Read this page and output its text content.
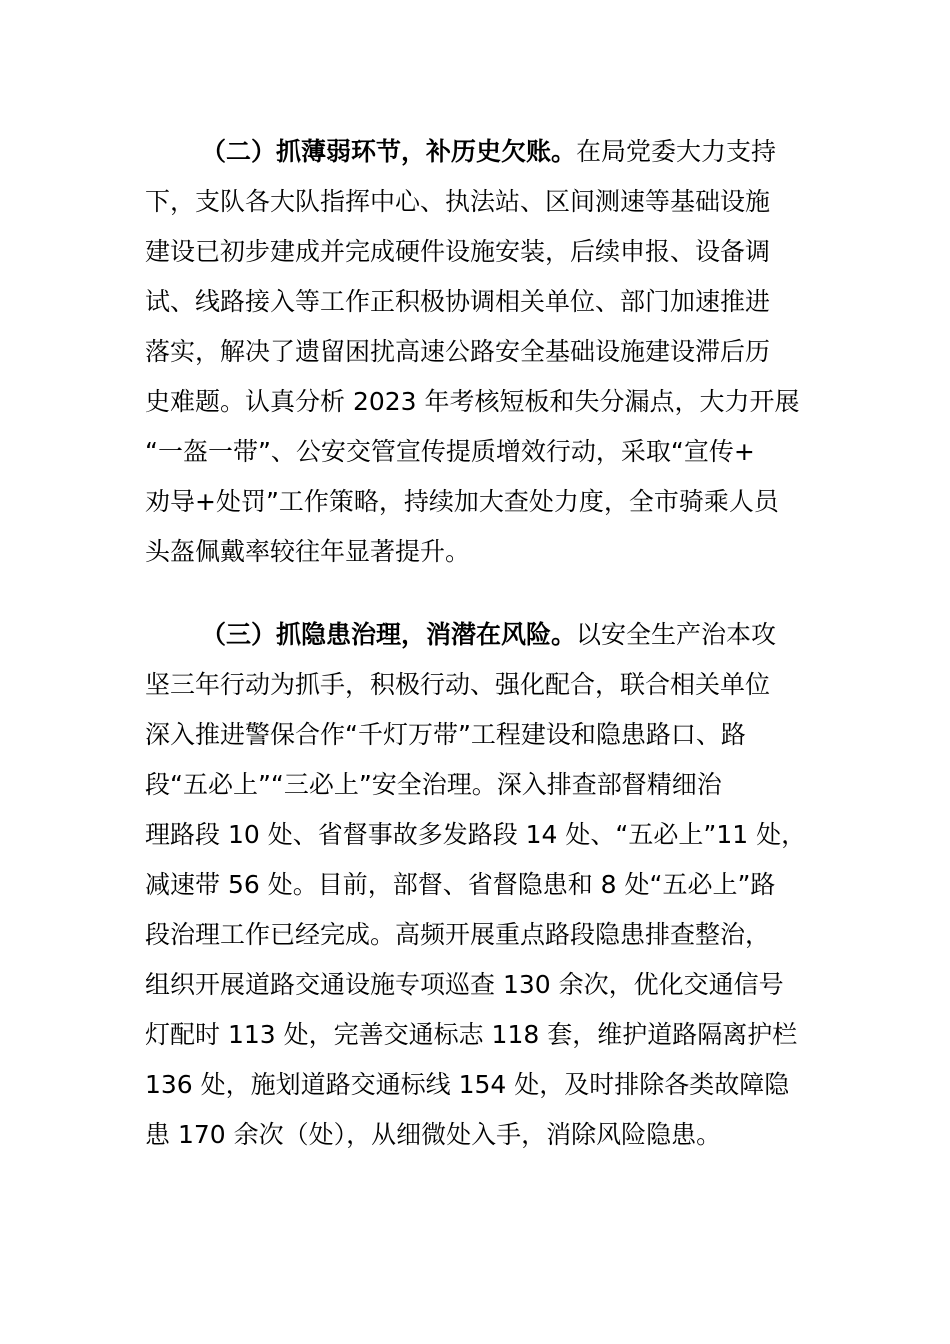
（二）抓薄弱环节，补历史欠账。在局党委大力支持
下，支队各大队指挥中心、执法站、区间测速等基础设施
建设已初步建成并完成硬件设施安装，后续申报、设备调
试、线路接入等工作正积极协调相关单位、部门加速推进
落实，解决了遗留困扰高速公路安全基础设施建设滞后历
史难题。认真分析 2023 年考核短板和失分漏点，大力开展
“一盔一带”、公安交管宣传提质增效行动，采取“宣传+
劝导+处罚”工作策略，持续加大查处力度，全市骑乘人员
头盔佩戴率较往年显著提升。
（三）抓隐患治理，消潜在风险。以安全生产治本攻
坚三年行动为抓手，积极行动、强化配合，联合相关单位
深入推进警保合作“千灯万带”工程建设和隐患路口、路
段“五必上”“三必上”安全治理。深入排查部督精细治
理路段 10 处、省督事故多发路段 14 处、“五必上”11 处，
减速带 56 处。目前，部督、省督隐患和 8 处“五必上”路
段治理工作已经完成。高频开展重点路段隐患排查整治，
组织开展道路交通设施专项巡查 130 余次，优化交通信号
灯配时 113 处，完善交通标志 118 套，维护道路隔离护栏
136 处，施划道路交通标线 154 处，及时排除各类故障隐
患 170 余次（处），从细微处入手，消除风险隐患。
